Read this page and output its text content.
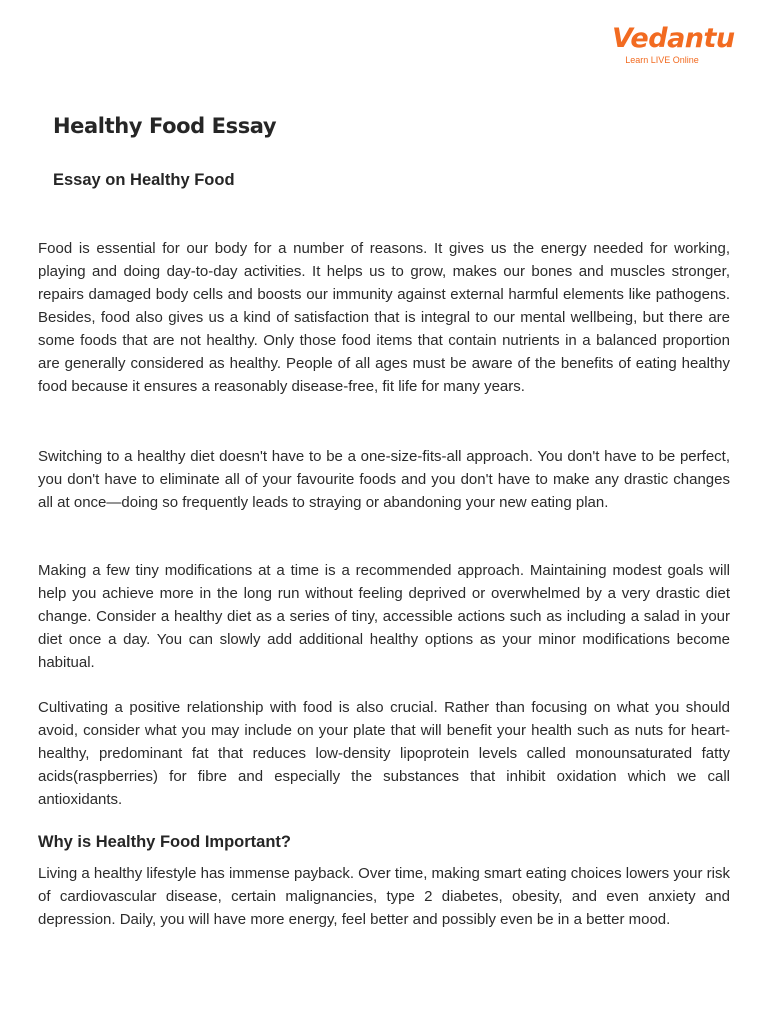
Vedantu
Learn LIVE Online
Healthy Food Essay
Essay on Healthy Food

Food is essential for our body for a number of reasons. It gives us the energy needed for working, playing and doing day-to-day activities. It helps us to grow, makes our bones and muscles stronger, repairs damaged body cells and boosts our immunity against external harmful elements like pathogens. Besides, food also gives us a kind of satisfaction that is integral to our mental wellbeing, but there are some foods that are not healthy. Only those food items that contain nutrients in a balanced proportion are generally considered as healthy. People of all ages must be aware of the benefits of eating healthy food because it ensures a reasonably disease-free, fit life for many years.

Switching to a healthy diet doesn't have to be a one-size-fits-all approach. You don't have to be perfect, you don't have to eliminate all of your favourite foods and you don't have to make any drastic changes all at once—doing so frequently leads to straying or abandoning your new eating plan.

Making a few tiny modifications at a time is a recommended approach. Maintaining modest goals will help you achieve more in the long run without feeling deprived or overwhelmed by a very drastic diet change. Consider a healthy diet as a series of tiny, accessible actions such as including a salad in your diet once a day. You can slowly add additional healthy options as your minor modifications become habitual.

Cultivating a positive relationship with food is also crucial. Rather than focusing on what you should avoid, consider what you may include on your plate that will benefit your health such as nuts for heart-healthy, predominant fat that reduces low-density lipoprotein levels called monounsaturated fatty acids(raspberries) for fibre and especially the substances that inhibit oxidation which we call antioxidants.

Why is Healthy Food Important?

Living a healthy lifestyle has immense payback. Over time, making smart eating choices lowers your risk of cardiovascular disease, certain malignancies, type 2 diabetes, obesity, and even anxiety and depression. Daily, you will have more energy, feel better and possibly even be in a better mood.
